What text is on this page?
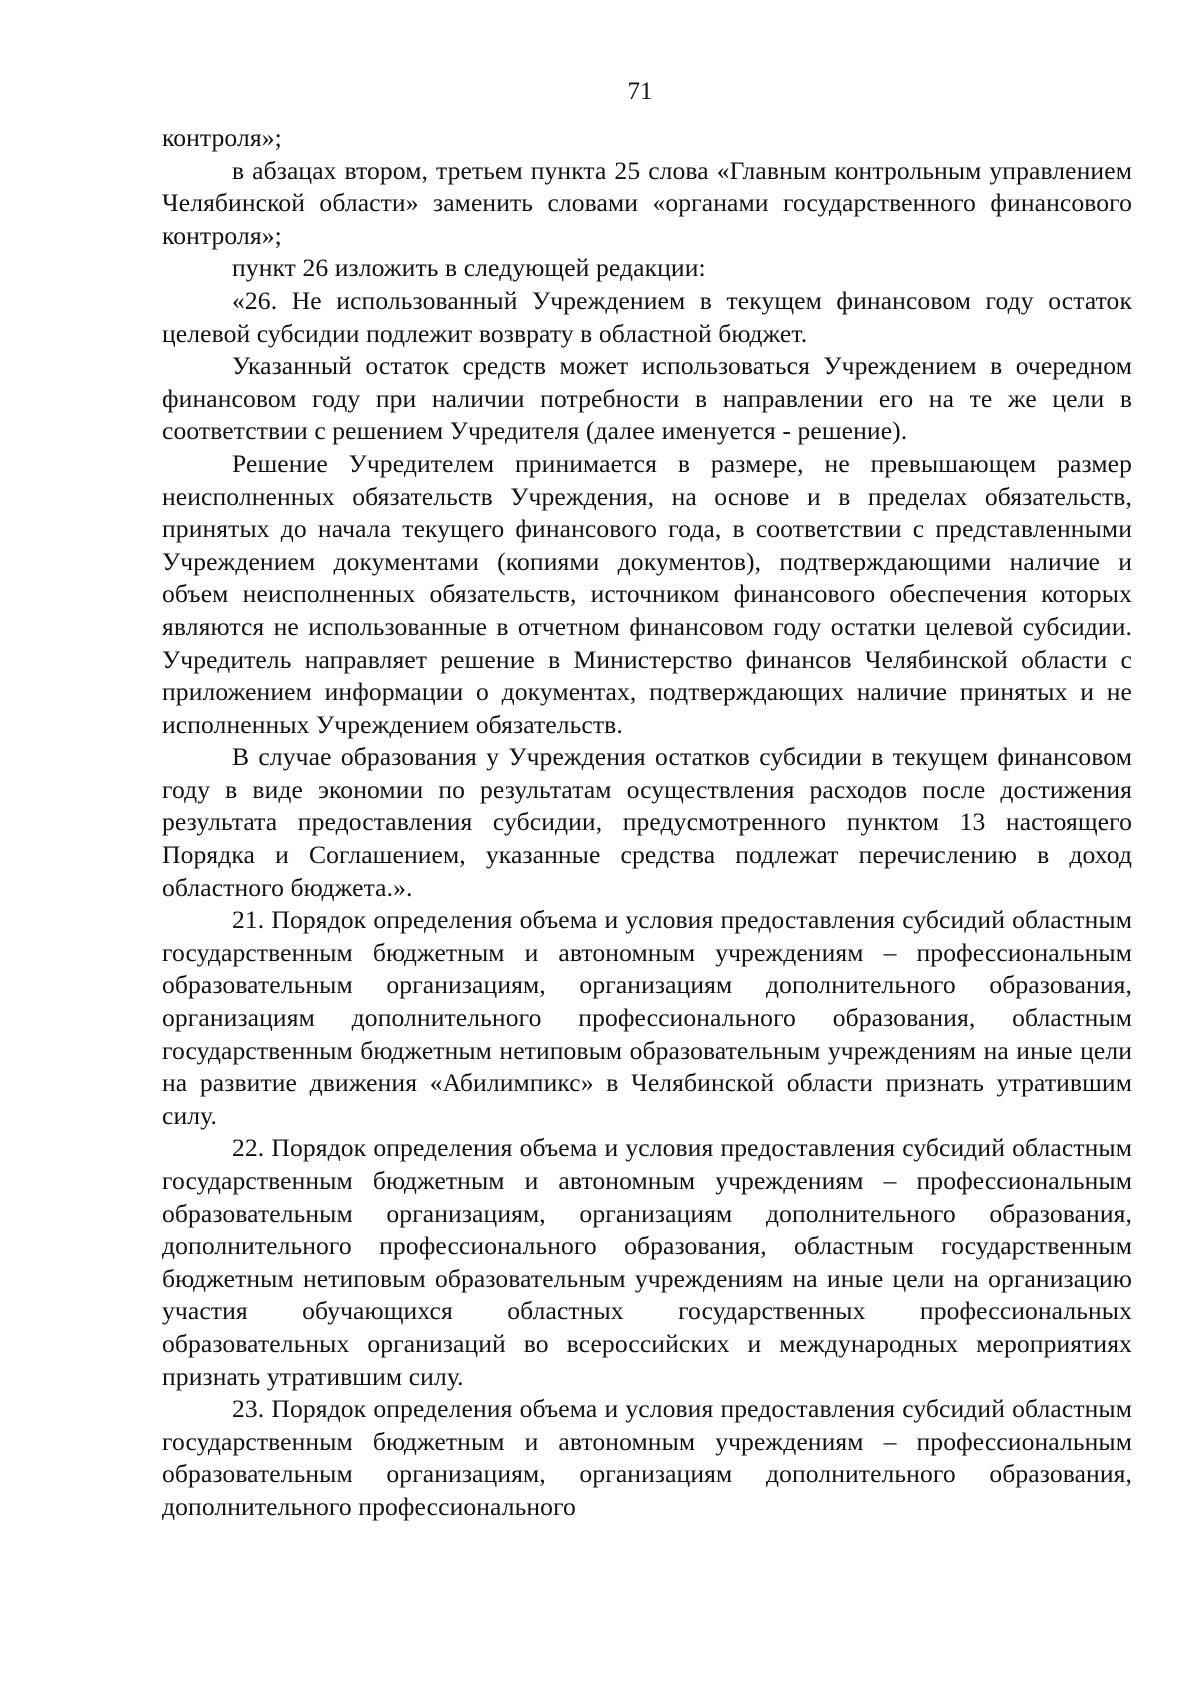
71

контроля»;

в абзацах втором, третьем пункта 25 слова «Главным контрольным управлением Челябинской области» заменить словами «органами государственного финансового контроля»;

пункт 26 изложить в следующей редакции:

«26. Не использованный Учреждением в текущем финансовом году остаток целевой субсидии подлежит возврату в областной бюджет.

Указанный остаток средств может использоваться Учреждением в очередном финансовом году при наличии потребности в направлении его на те же цели в соответствии с решением Учредителя (далее именуется - решение).

Решение Учредителем принимается в размере, не превышающем размер неисполненных обязательств Учреждения, на основе и в пределах обязательств, принятых до начала текущего финансового года, в соответствии с представленными Учреждением документами (копиями документов), подтверждающими наличие и объем неисполненных обязательств, источником финансового обеспечения которых являются не использованные в отчетном финансовом году остатки целевой субсидии. Учредитель направляет решение в Министерство финансов Челябинской области с приложением информации о документах, подтверждающих наличие принятых и не исполненных Учреждением обязательств.

В случае образования у Учреждения остатков субсидии в текущем финансовом году в виде экономии по результатам осуществления расходов после достижения результата предоставления субсидии, предусмотренного пунктом 13 настоящего Порядка и Соглашением, указанные средства подлежат перечислению в доход областного бюджета.».

21. Порядок определения объема и условия предоставления субсидий областным государственным бюджетным и автономным учреждениям – профессиональным образовательным организациям, организациям дополнительного образования, организациям дополнительного профессионального образования, областным государственным бюджетным нетиповым образовательным учреждениям на иные цели на развитие движения «Абилимпикс» в Челябинской области признать утратившим силу.

22. Порядок определения объема и условия предоставления субсидий областным государственным бюджетным и автономным учреждениям – профессиональным образовательным организациям, организациям дополнительного образования, дополнительного профессионального образования, областным государственным бюджетным нетиповым образовательным учреждениям на иные цели на организацию участия обучающихся областных государственных профессиональных образовательных организаций во всероссийских и международных мероприятиях признать утратившим силу.

23. Порядок определения объема и условия предоставления субсидий областным государственным бюджетным и автономным учреждениям – профессиональным образовательным организациям, организациям дополнительного образования, дополнительного профессионального
